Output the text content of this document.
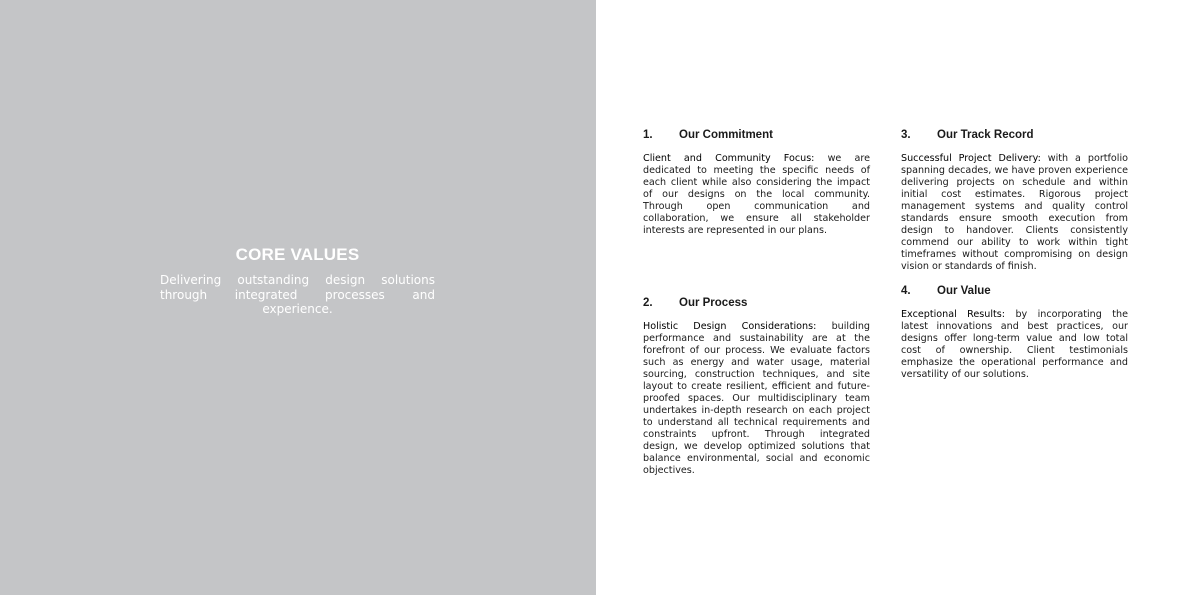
CORE VALUES
Delivering outstanding design solutions through integrated processes and experience.
1.	Our Commitment
Client and Community Focus: we are dedicated to meeting the specific needs of each client while also considering the impact of our designs on the local community. Through open communication and collaboration, we ensure all stakeholder interests are represented in our plans.
2.	Our Process
Holistic Design Considerations: building performance and sustainability are at the forefront of our process. We evaluate factors such as energy and water usage, material sourcing, construction techniques, and site layout to create resilient, efficient and future-proofed spaces. Our multidisciplinary team undertakes in-depth research on each project to understand all technical requirements and constraints upfront. Through integrated design, we develop optimized solutions that balance environmental, social and economic objectives.
3.	Our Track Record
Successful Project Delivery: with a portfolio spanning decades, we have proven experience delivering projects on schedule and within initial cost estimates. Rigorous project management systems and quality control standards ensure smooth execution from design to handover. Clients consistently commend our ability to work within tight timeframes without compromising on design vision or standards of finish.
4.	Our Value
Exceptional Results: by incorporating the latest innovations and best practices, our designs offer long-term value and low total cost of ownership. Client testimonials emphasize the operational performance and versatility of our solutions.
